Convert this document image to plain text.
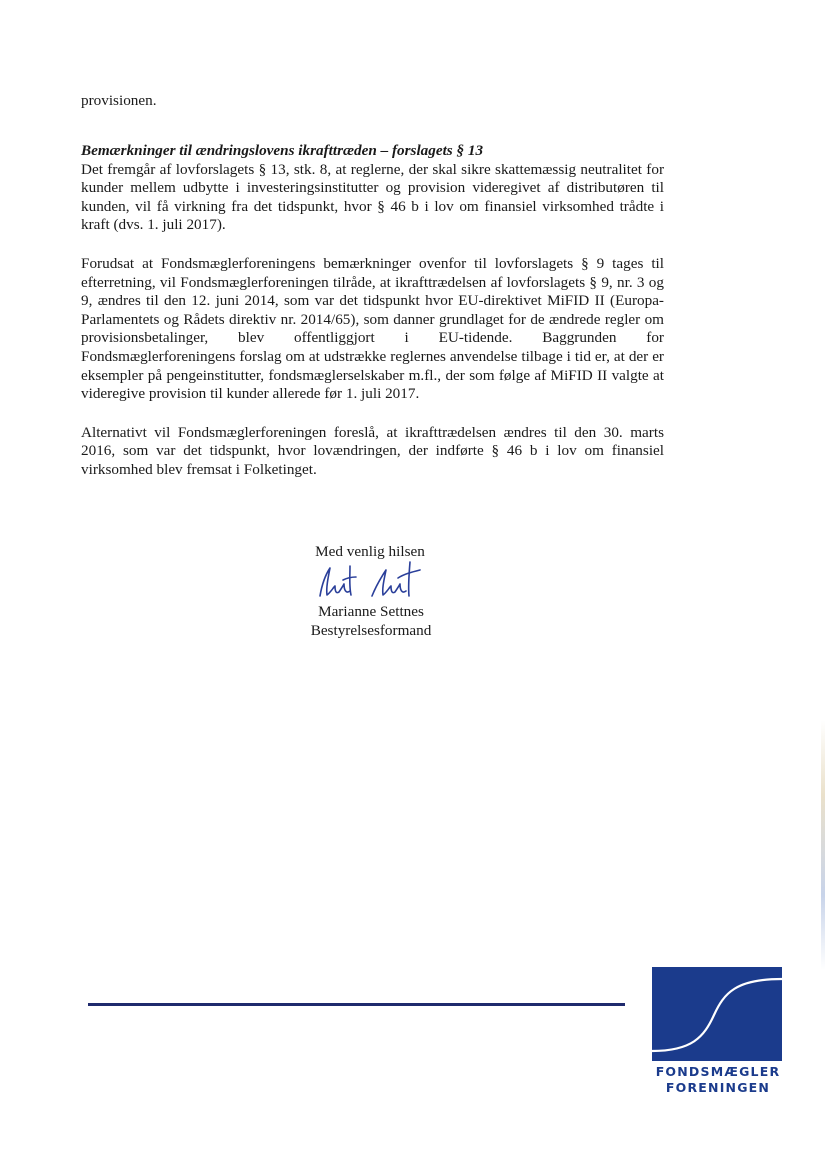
provisionen.
Bemærkninger til ændringslovens ikrafttræden – forslagets § 13

Det fremgår af lovforslagets § 13, stk. 8, at reglerne, der skal sikre skattemæssig neutralitet for kunder mellem udbytte i investeringsinstitutter og provision videregivet af distributøren til kunden, vil få virkning fra det tidspunkt, hvor § 46 b i lov om finansiel virksomhed trådte i kraft (dvs. 1. juli 2017).

Forudsat at Fondsmæglerforeningens bemærkninger ovenfor til lovforslagets § 9 tages til efterretning, vil Fondsmæglerforeningen tilråde, at ikrafttrædelsen af lovforslagets § 9, nr. 3 og 9, ændres til den 12. juni 2014, som var det tidspunkt hvor EU-direktivet MiFID II (Europa-Parlamentets og Rådets direktiv nr. 2014/65), som danner grundlaget for de ændrede regler om provisionsbetalinger, blev offentliggjort i EU-tidende. Baggrunden for Fondsmæglerforeningens forslag om at udstrække reglernes anvendelse tilbage i tid er, at der er eksempler på pengeinstitutter, fondsmæglerselskaber m.fl., der som følge af MiFID II valgte at videregive provision til kunder allerede før 1. juli 2017.

Alternativt vil Fondsmæglerforeningen foreslå, at ikrafttrædelsen ændres til den 30. marts 2016, som var det tidspunkt, hvor lovændringen, der indførte § 46 b i lov om finansiel virksomhed blev fremsat i Folketinget.

Med venlig hilsen
Marianne Settnes
Bestyrelsesformand
FONDSMÆGLER
FORENINGEN
